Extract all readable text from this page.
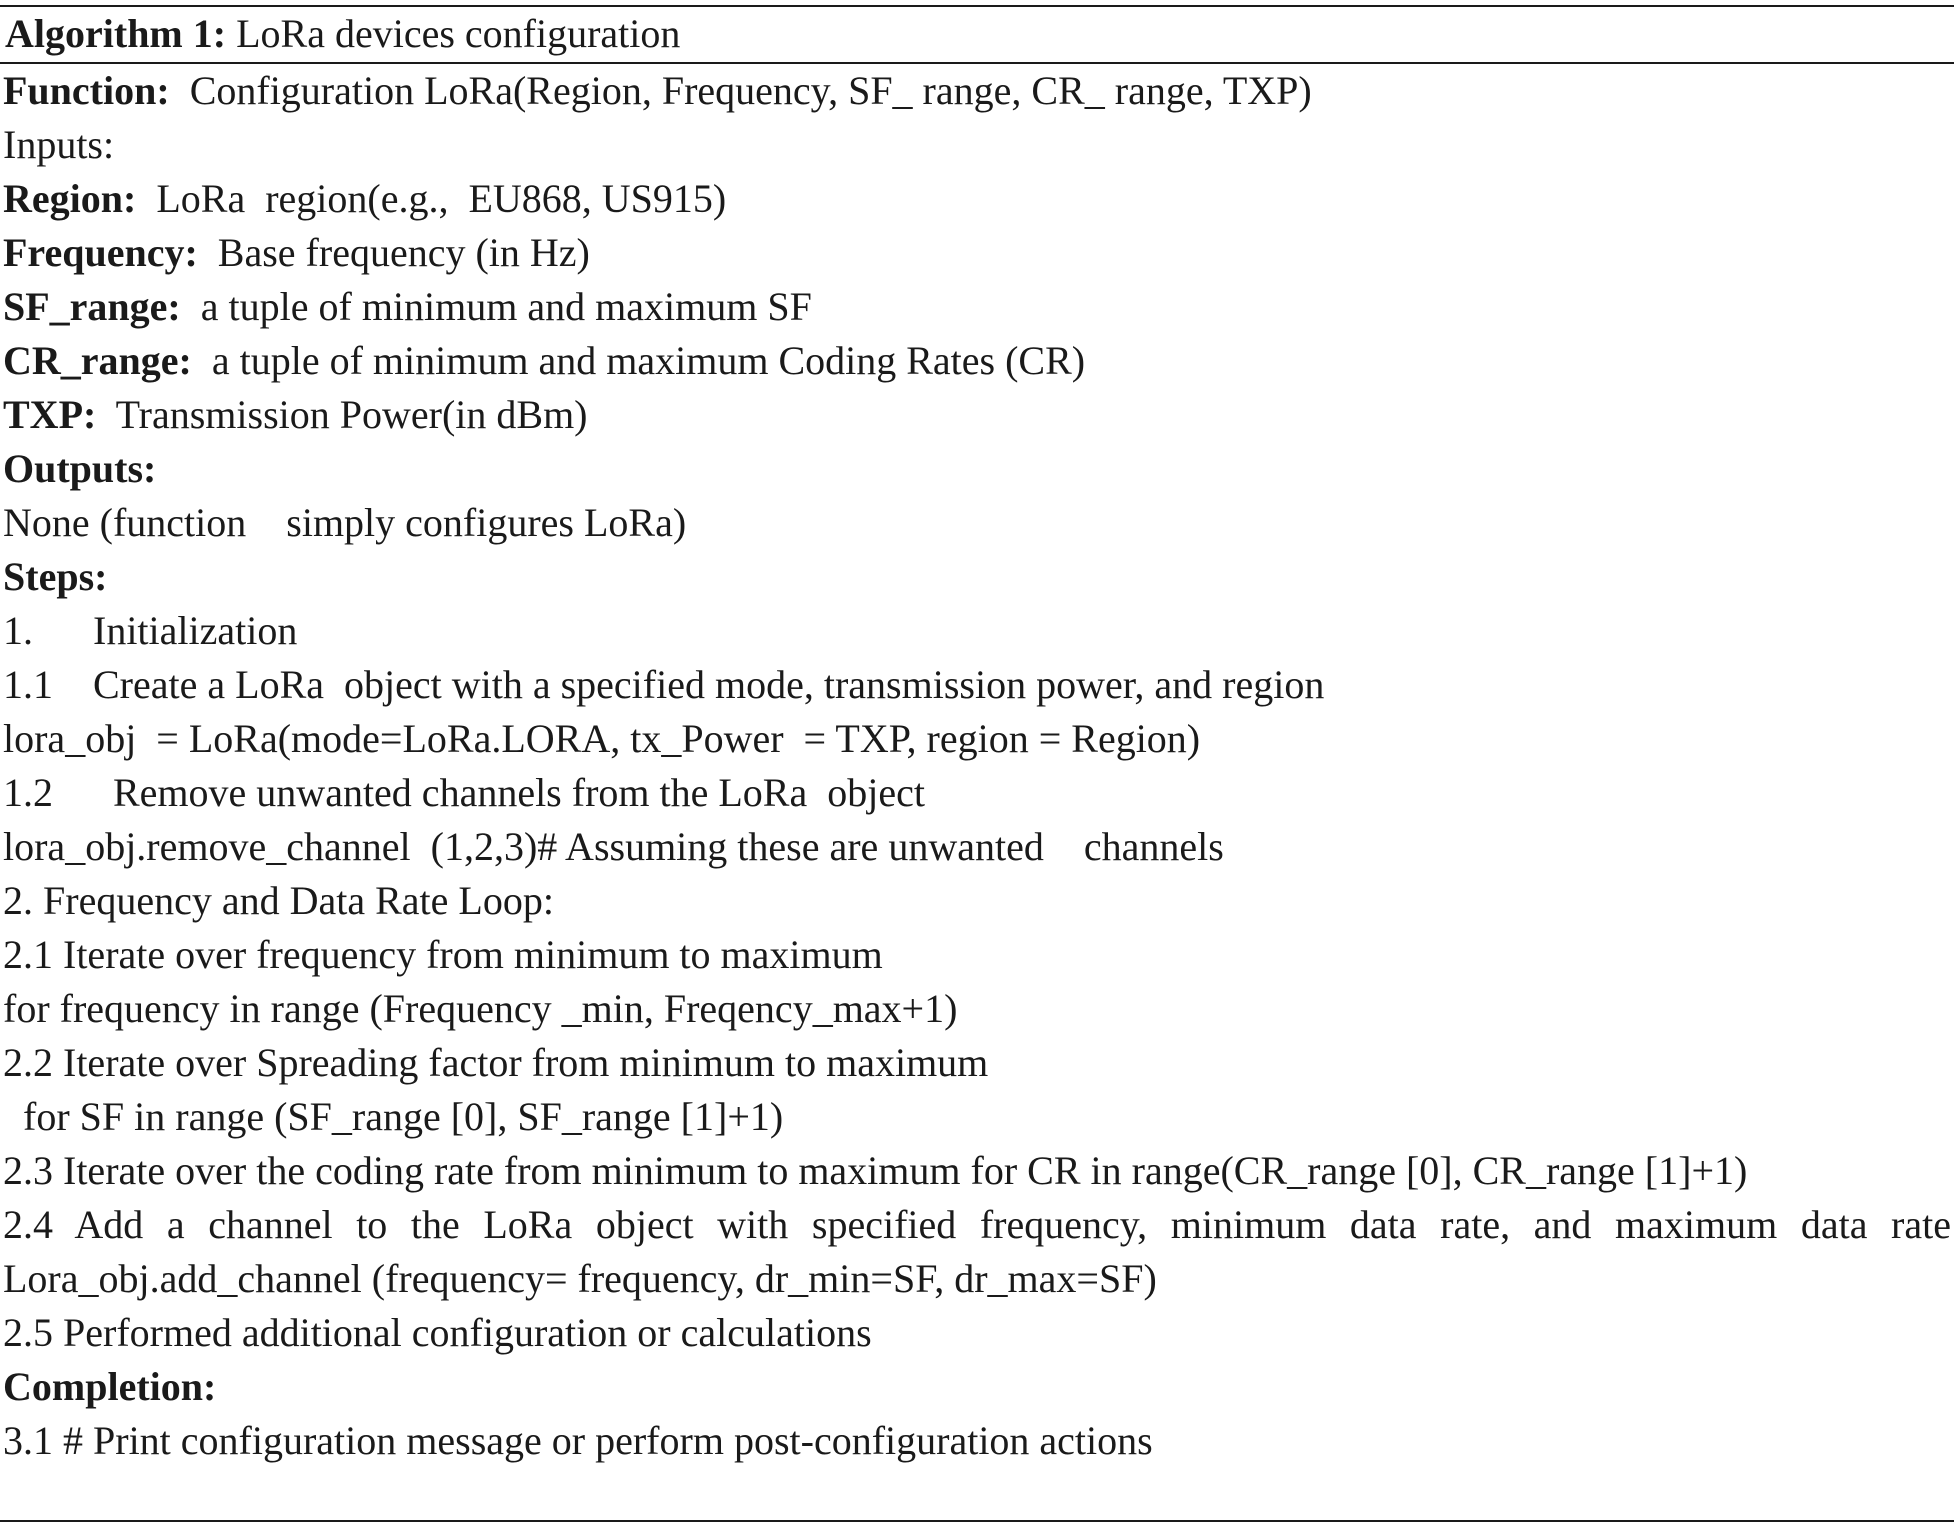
Algorithm 1: LoRa devices configuration
Function: Configuration LoRa(Region, Frequency, SF_ range, CR_ range, TXP)
Inputs:
Region: LoRa  region(e.g.,  EU868, US915)
Frequency: Base frequency (in Hz)
SF_range: a tuple of minimum and maximum SF
CR_range: a tuple of minimum and maximum Coding Rates (CR)
TXP: Transmission Power(in dBm)
Outputs:
None (function    simply configures LoRa)
Steps:
1.      Initialization
1.1    Create a LoRa  object with a specified mode, transmission power, and region
lora_obj  = LoRa(mode=LoRa.LORA, tx_Power  = TXP, region = Region)
1.2      Remove unwanted channels from the LoRa  object
lora_obj.remove_channel  (1,2,3)# Assuming these are unwanted    channels
2. Frequency and Data Rate Loop:
2.1 Iterate over frequency from minimum to maximum
for frequency in range (Frequency _min, Freqency_max+1)
2.2 Iterate over Spreading factor from minimum to maximum
for SF in range (SF_range [0], SF_range [1]+1)
2.3 Iterate over the coding rate from minimum to maximum for CR in range(CR_range [0], CR_range [1]+1)
2.4 Add a channel to the LoRa object with specified frequency, minimum data rate, and maximum data rate Lora_obj.add_channel (frequency= frequency, dr_min=SF, dr_max=SF)
2.5 Performed additional configuration or calculations
Completion:
3.1 # Print configuration message or perform post-configuration actions
